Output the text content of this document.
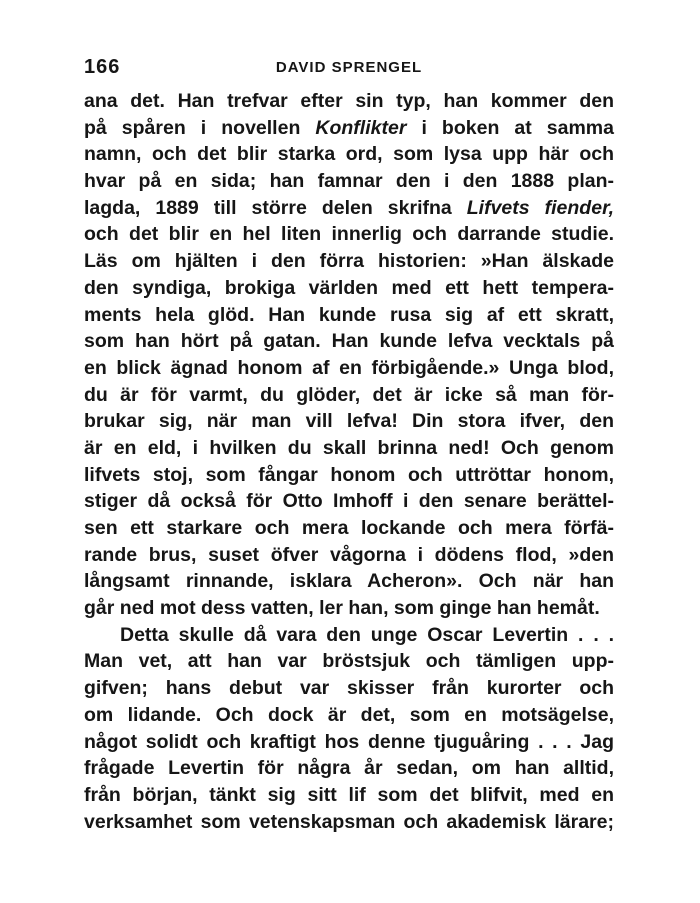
166	DAVID SPRENGEL
ana det. Han trefvar efter sin typ, han kommer den
på spåren i novellen Konflikter i boken at samma
namn, och det blir starka ord, som lysa upp här och
hvar på en sida; han famnar den i den 1888 plan-
lagda, 1889 till större delen skrifna Lifvets fiender,
och det blir en hel liten innerlig och darrande studie.
Läs om hjälten i den förra historien: »Han älskade
den syndiga, brokiga världen med ett hett tempera-
ments hela glöd. Han kunde rusa sig af ett skratt,
som han hört på gatan. Han kunde lefva vecktals på
en blick ägnad honom af en förbigående.» Unga blod,
du är för varmt, du glöder, det är icke så man för-
brukar sig, när man vill lefva! Din stora ifver, den
är en eld, i hvilken du skall brinna ned! Och genom
lifvets stoj, som fångar honom och uttröttar honom,
stiger då också för Otto Imhoff i den senare berättel-
sen ett starkare och mera lockande och mera förfä-
rande brus, suset öfver vågorna i dödens flod, »den
långsamt rinnande, isklara Acheron». Och när han
går ned mot dess vatten, ler han, som ginge han hemåt.
Detta skulle då vara den unge Oscar Levertin . . .
Man vet, att han var bröstsjuk och tämligen upp-
gifven; hans debut var skisser från kurorter och
om lidande. Och dock är det, som en motsägelse,
något solidt och kraftigt hos denne tjuguåring . . . Jag
frågade Levertin för några år sedan, om han alltid,
från början, tänkt sig sitt lif som det blifvit, med en
verksamhet som vetenskapsman och akademisk lärare;
